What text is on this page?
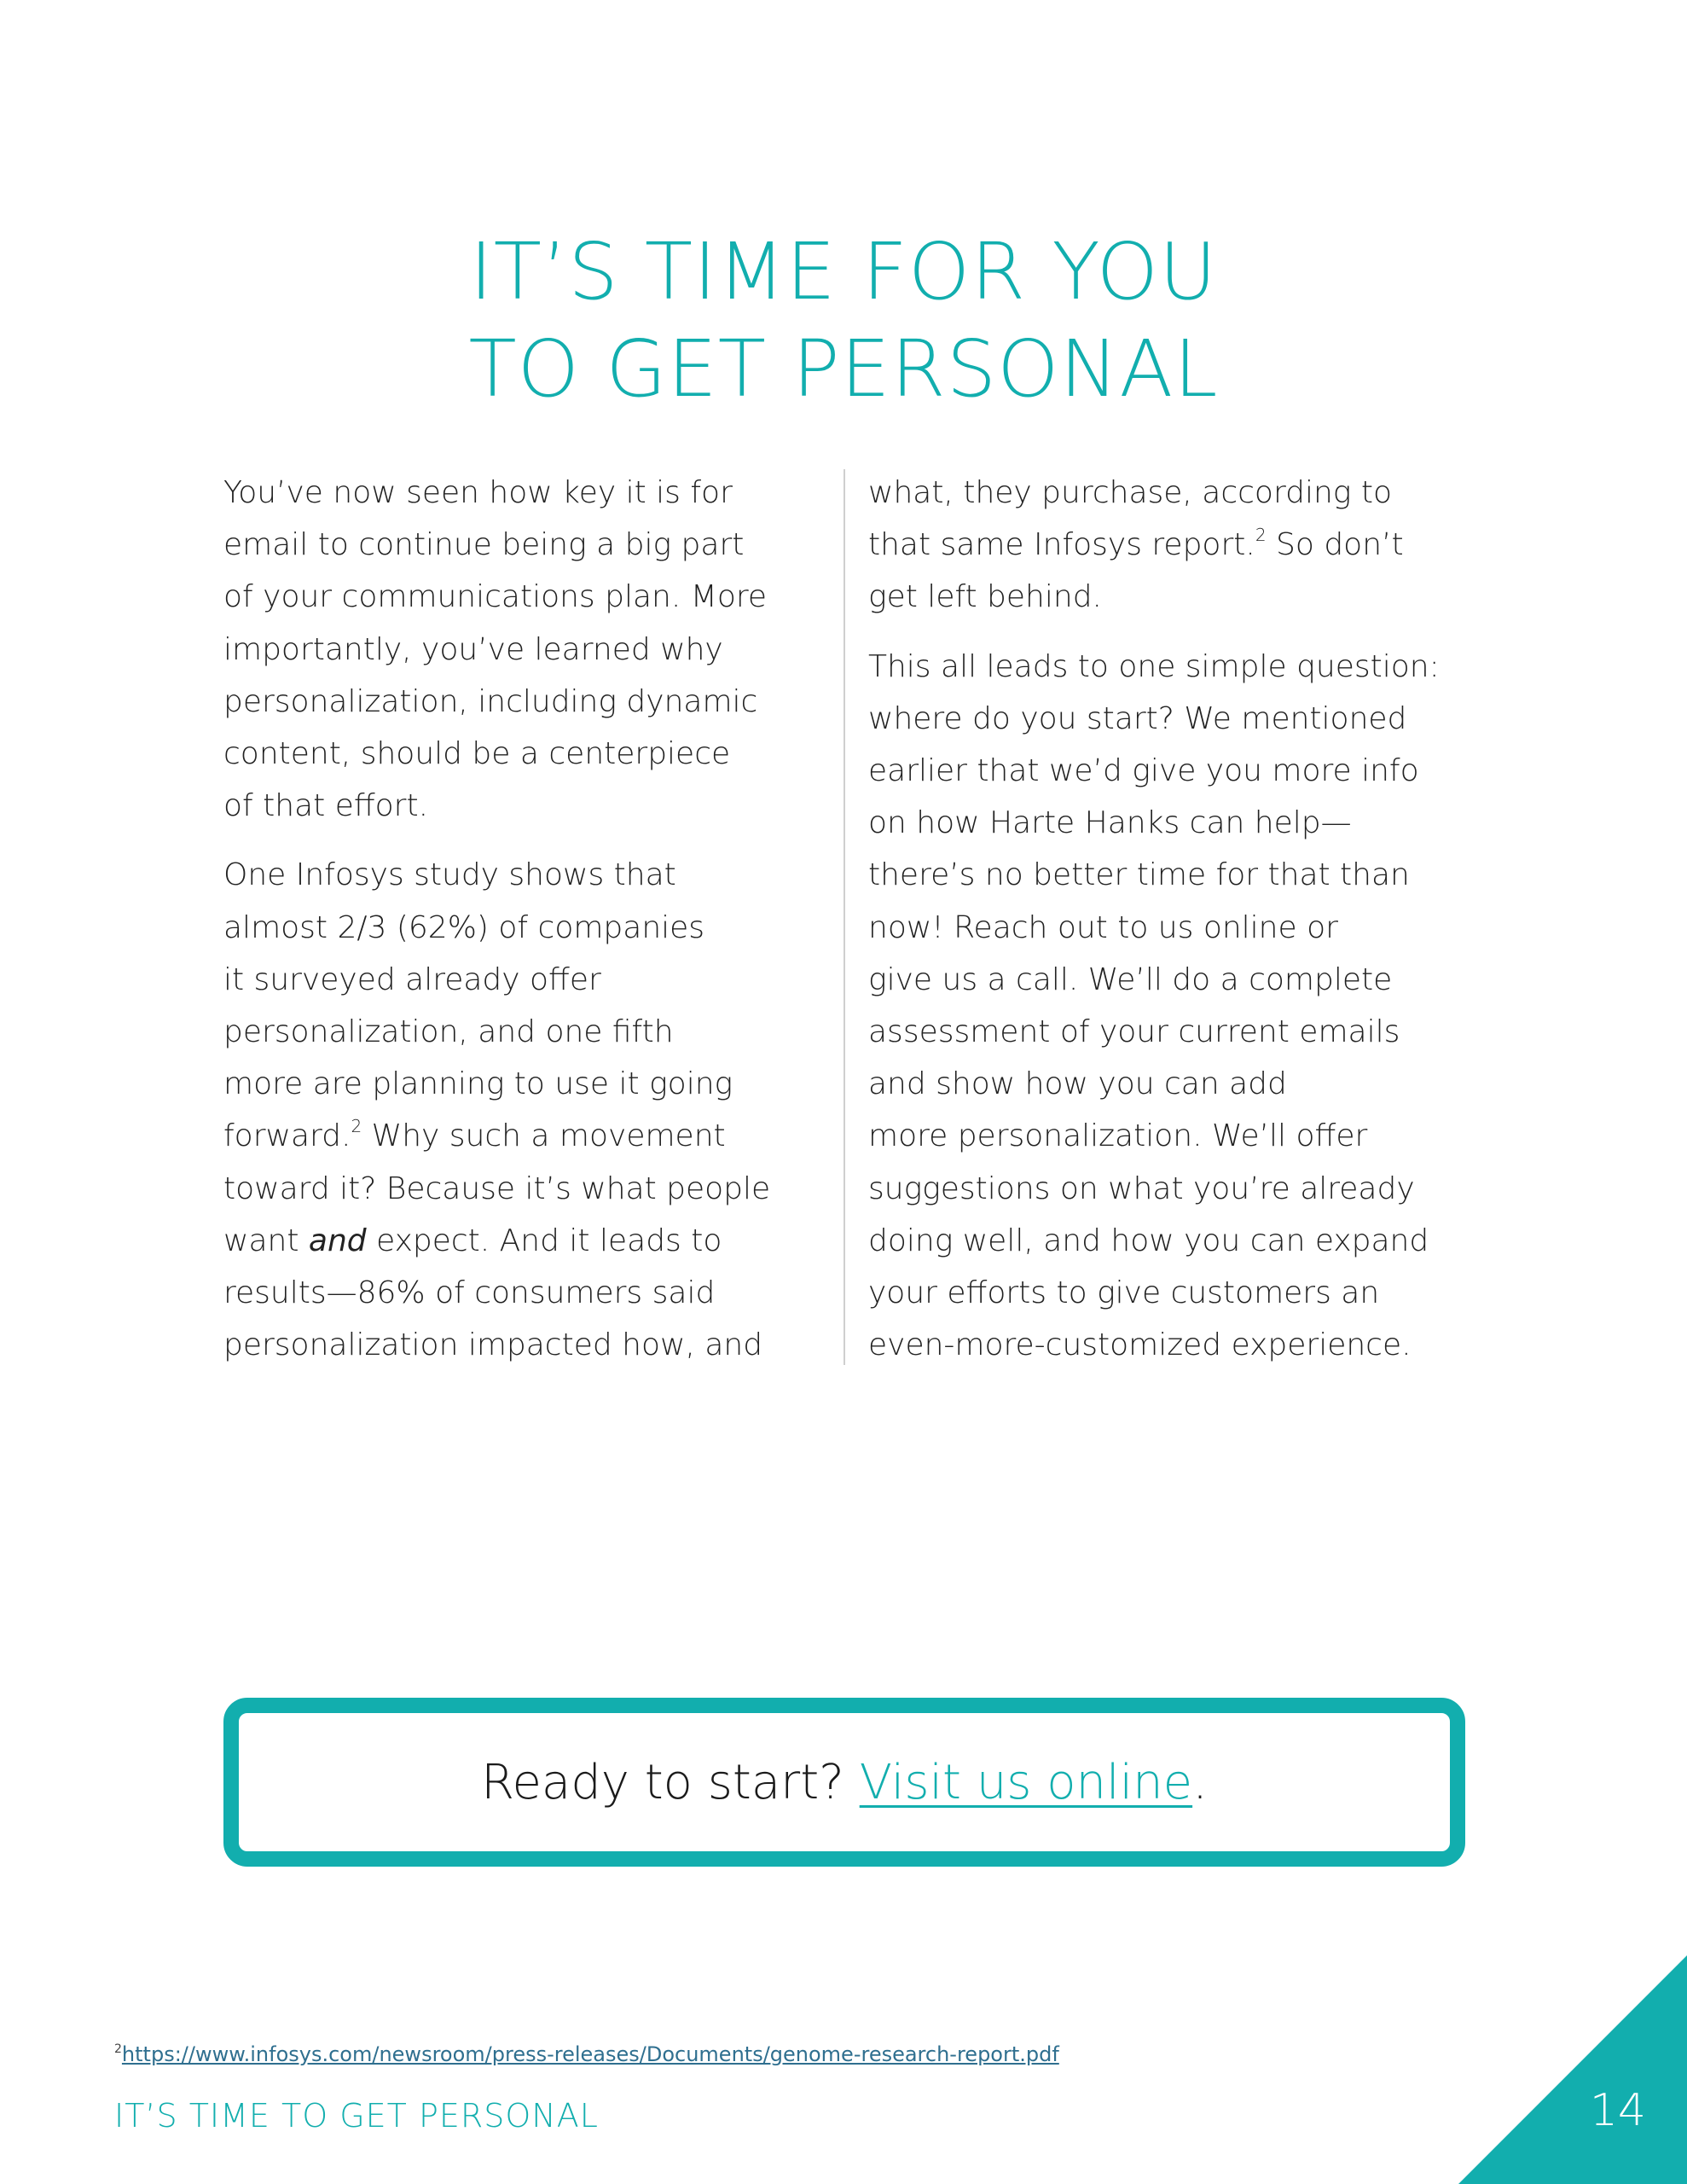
IT’S TIME FOR YOU
TO GET PERSONAL

You’ve now seen how key it is for
email to continue being a big part
of your communications plan. More
importantly, you’ve learned why
personalization, including dynamic
content, should be a centerpiece
of that effort.

One Infosys study shows that
almost 2/3 (62%) of companies
it surveyed already offer
personalization, and one fifth
more are planning to use it going
forward.$^2$ Why such a movement
toward it? Because it’s what people
want and expect. And it leads to
results—86% of consumers said
personalization impacted how, and

what, they purchase, according to
that same Infosys report.$^2$ So don’t
get left behind.

This all leads to one simple question:
where do you start? We mentioned
earlier that we’d give you more info
on how Harte Hanks can help—
there’s no better time for that than
now! Reach out to us online or
give us a call. We’ll do a complete
assessment of your current emails
and show how you can add
more personalization. We’ll offer
suggestions on what you’re already
doing well, and how you can expand
your efforts to give customers an
even-more-customized experience.

Ready to start? Visit us online.
$^2$https://www.infosys.com/newsroom/press-releases/Documents/genome-research-report.pdf
IT’S TIME TO GET PERSONAL	14
